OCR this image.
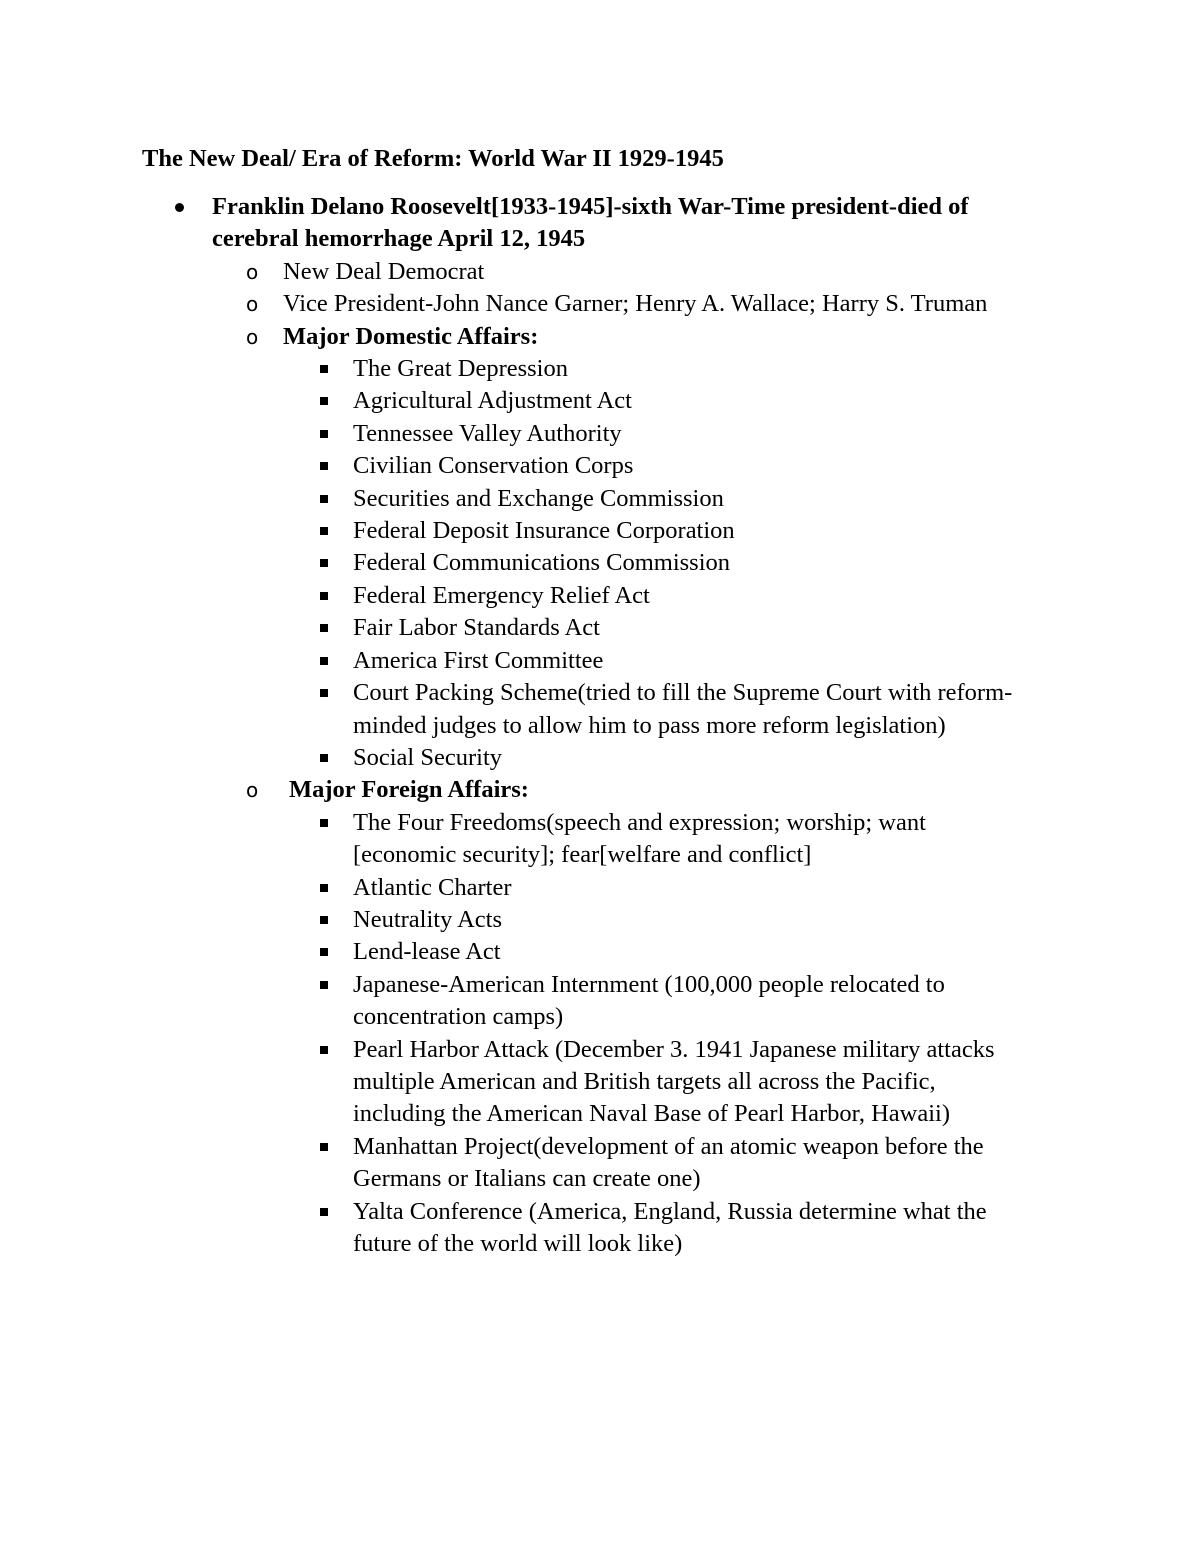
The New Deal/ Era of Reform: World War II 1929-1945
Franklin Delano Roosevelt[1933-1945]-sixth War-Time president-died of cerebral hemorrhage April 12, 1945
o New Deal Democrat
o Vice President-John Nance Garner; Henry A. Wallace; Harry S. Truman
o Major Domestic Affairs:
The Great Depression
Agricultural Adjustment Act
Tennessee Valley Authority
Civilian Conservation Corps
Securities and Exchange Commission
Federal Deposit Insurance Corporation
Federal Communications Commission
Federal Emergency Relief Act
Fair Labor Standards Act
America First Committee
Court Packing Scheme(tried to fill the Supreme Court with reform-minded judges to allow him to pass more reform legislation)
Social Security
o Major Foreign Affairs:
The Four Freedoms(speech and expression; worship; want [economic security]; fear[welfare and conflict]
Atlantic Charter
Neutrality Acts
Lend-lease Act
Japanese-American Internment (100,000 people relocated to concentration camps)
Pearl Harbor Attack (December 3. 1941 Japanese military attacks multiple American and British targets all across the Pacific, including the American Naval Base of Pearl Harbor, Hawaii)
Manhattan Project(development of an atomic weapon before the Germans or Italians can create one)
Yalta Conference (America, England, Russia determine what the future of the world will look like)
